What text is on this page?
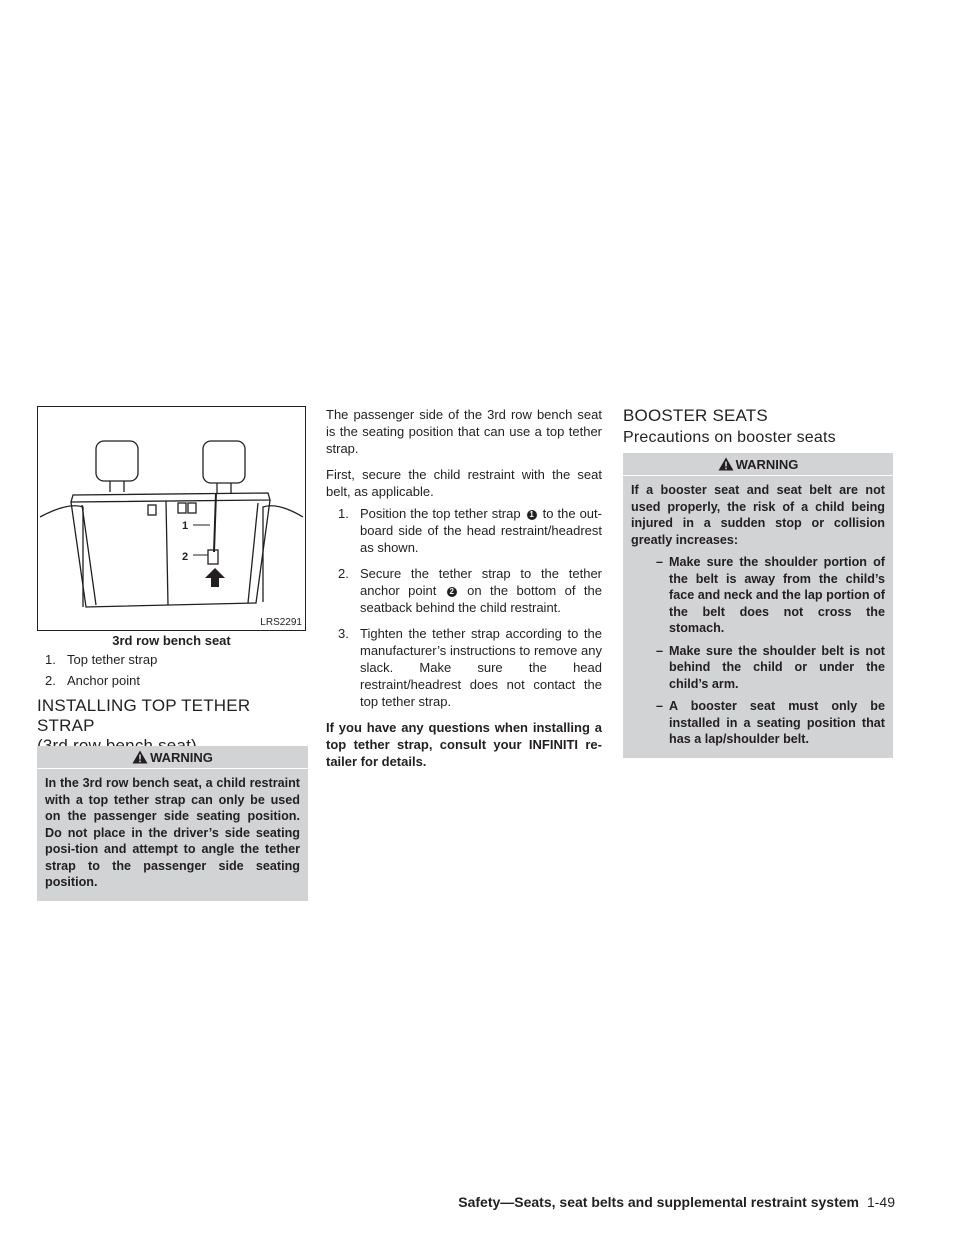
1
2
LRS2291
3rd row bench seat
1. Top tether strap
2. Anchor point
INSTALLING TOP TETHER STRAP
WARNING
In the 3rd row bench seat, a child restraint with a top tether strap can only be used on the passenger side seating position. Do not place in the driver’s side seating posi-tion and attempt to angle the tether strap to the passenger side seating position.

The passenger side of the 3rd row bench seat is the seating position that can use a top tether strap.

First, secure the child restraint with the seat belt, as applicable.

1. Position the top tether strap 1 to the out-board side of the head restraint/headrest as shown.
2. Secure the tether strap to the tether anchor point 2 on the bottom of the seatback behind the child restraint.
3. Tighten the tether strap according to the manufacturer’s instructions to remove any slack. Make sure the head restraint/headrest does not contact the top tether strap.

If you have any questions when installing a top tether strap, consult your INFINITI re-tailer for details.

BOOSTER SEATS
Precautions on booster seats
WARNING
If a booster seat and seat belt are not used properly, the risk of a child being injured in a sudden stop or collision greatly increases:
– Make sure the shoulder portion of the belt is away from the child’s face and neck and the lap portion of the belt does not cross the stomach.
– Make sure the shoulder belt is not behind the child or under the child’s arm.
– A booster seat must only be installed in a seating position that has a lap/shoulder belt.
Safety—Seats, seat belts and supplemental restraint system 1-49
